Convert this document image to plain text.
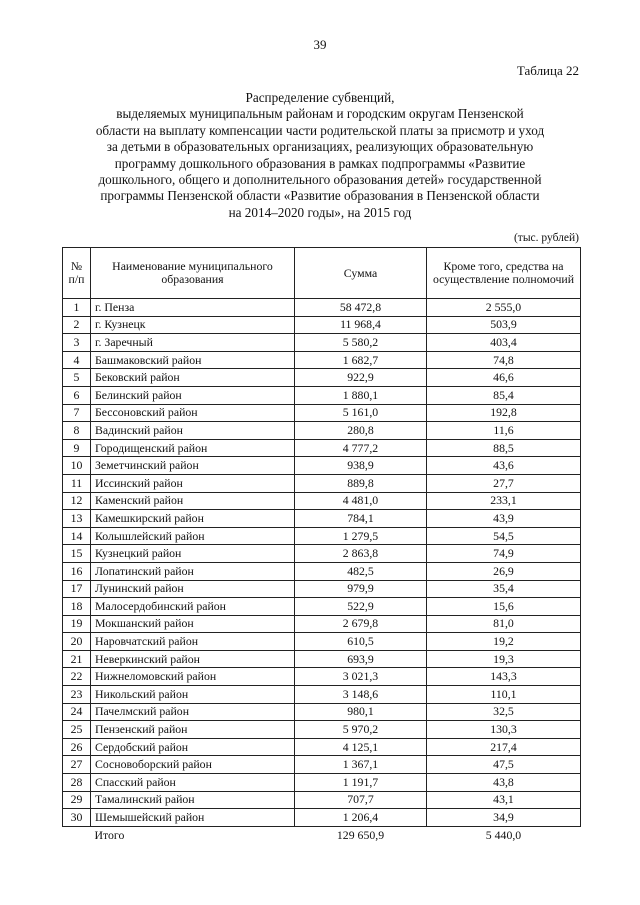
39
Таблица 22
Распределение субвенций,
выделяемых муниципальным районам и городским округам Пензенской
области на выплату компенсации части родительской платы за присмотр и уход
за детьми в образовательных организациях, реализующих образовательную
программу дошкольного образования в рамках подпрограммы «Развитие
дошкольного, общего и дополнительного образования детей» государственной
программы Пензенской области «Развитие образования в Пензенской области
на 2014–2020 годы», на 2015 год
(тыс. рублей)
№ п/п	Наименование муниципального образования	Сумма	Кроме того, средства на осуществление полномочий
1	г. Пенза	58 472,8	2 555,0
2	г. Кузнецк	11 968,4	503,9
3	г. Заречный	5 580,2	403,4
4	Башмаковский район	1 682,7	74,8
5	Бековский район	922,9	46,6
6	Белинский район	1 880,1	85,4
7	Бессоновский район	5 161,0	192,8
8	Вадинский район	280,8	11,6
9	Городищенский район	4 777,2	88,5
10	Земетчинский район	938,9	43,6
11	Иссинский район	889,8	27,7
12	Каменский район	4 481,0	233,1
13	Камешкирский район	784,1	43,9
14	Колышлейский район	1 279,5	54,5
15	Кузнецкий район	2 863,8	74,9
16	Лопатинский район	482,5	26,9
17	Лунинский район	979,9	35,4
18	Малосердобинский район	522,9	15,6
19	Мокшанский район	2 679,8	81,0
20	Наровчатский район	610,5	19,2
21	Неверкинский район	693,9	19,3
22	Нижнеломовский район	3 021,3	143,3
23	Никольский район	3 148,6	110,1
24	Пачелмский район	980,1	32,5
25	Пензенский район	5 970,2	130,3
26	Сердобский район	4 125,1	217,4
27	Сосновоборский район	1 367,1	47,5
28	Спасский район	1 191,7	43,8
29	Тамалинский район	707,7	43,1
30	Шемышейский район	1 206,4	34,9
	Итого	129 650,9	5 440,0
